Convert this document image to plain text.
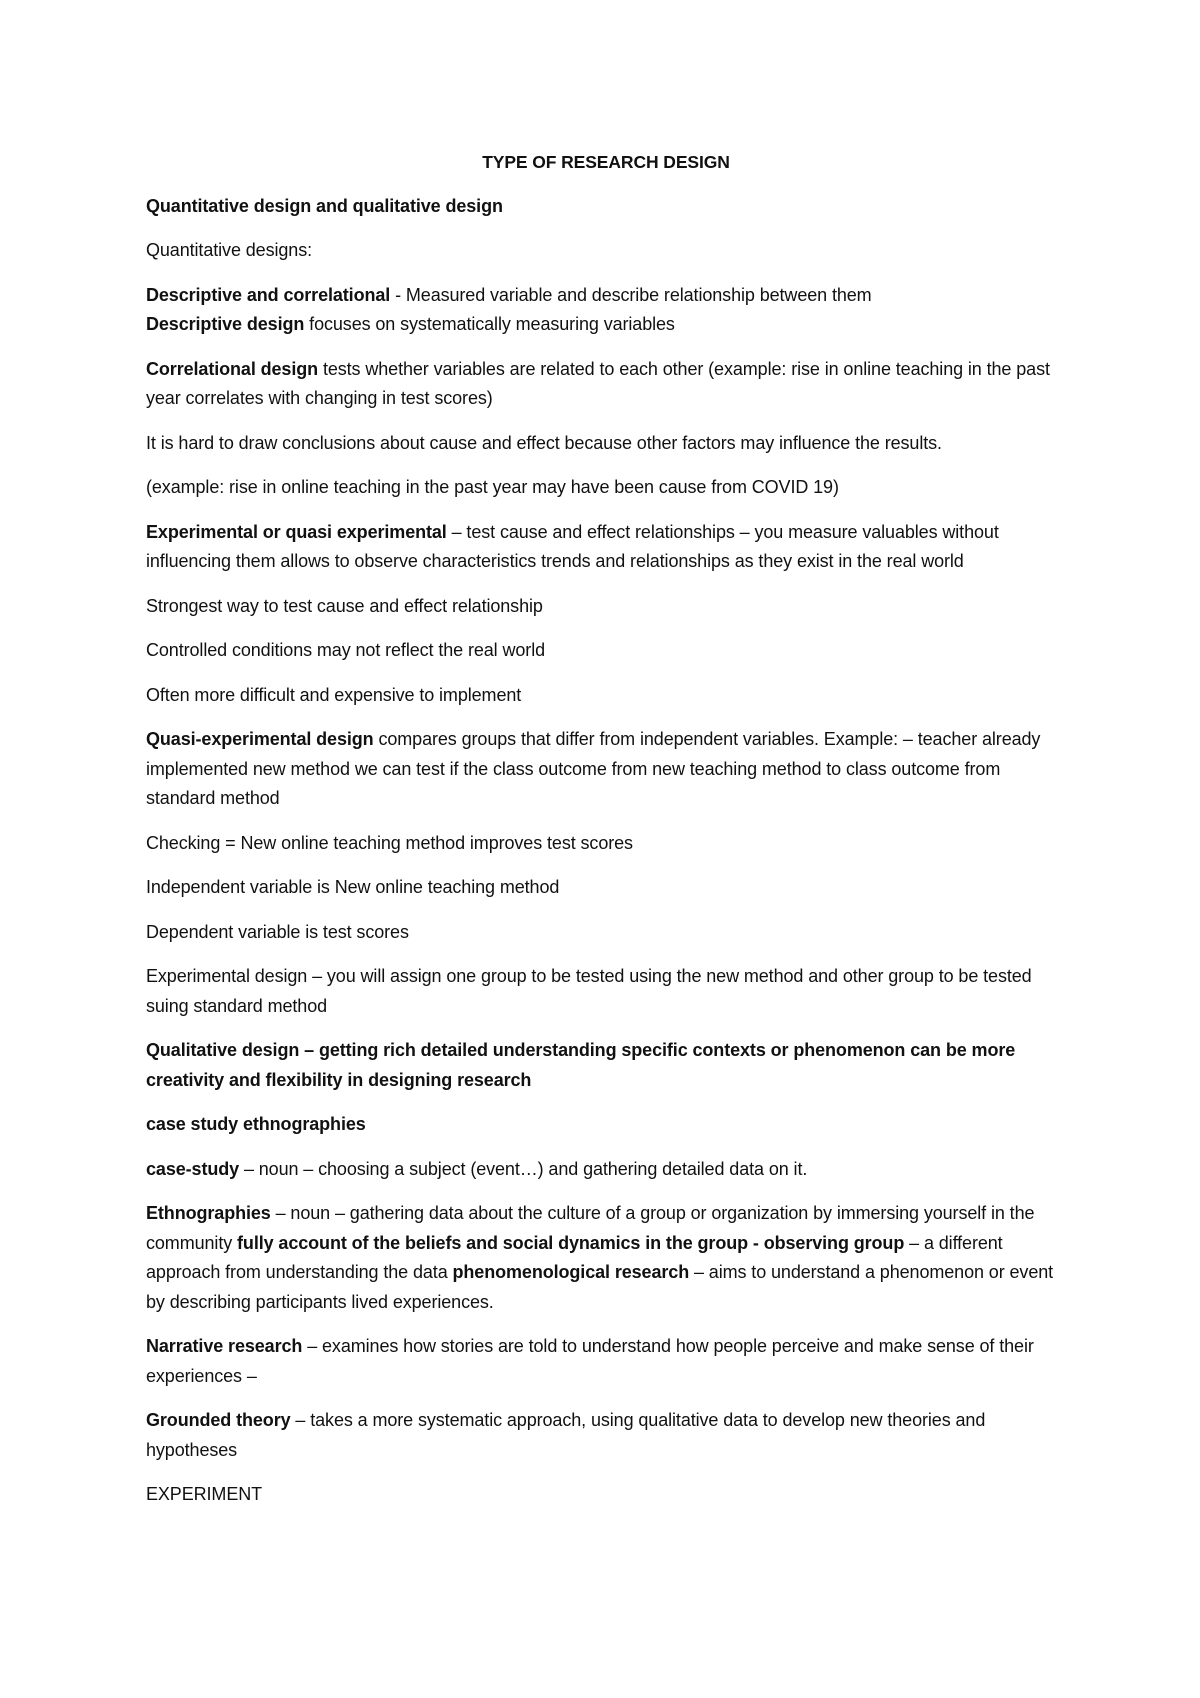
TYPE OF RESEARCH DESIGN

Quantitative design and qualitative design

Quantitative designs:

Descriptive and correlational - Measured variable and describe relationship between them

Descriptive design focuses on systematically measuring variables

Correlational design tests whether variables are related to each other (example: rise in online teaching in the past year correlates with changing in test scores)

It is hard to draw conclusions about cause and effect because other factors may influence the results.

(example: rise in online teaching in the past year may have been cause from COVID 19)

Experimental or quasi experimental – test cause and effect relationships – you measure valuables without influencing them allows to observe characteristics trends and relationships as they exist in the real world

Strongest way to test cause and effect relationship

Controlled conditions may not reflect the real world

Often more difficult and expensive to implement

Quasi-experimental design compares groups that differ from independent variables. Example: – teacher already implemented new method we can test if the class outcome from new teaching method to class outcome from standard method

Checking = New online teaching method improves test scores

Independent variable is New online teaching method

Dependent variable is test scores

Experimental design – you will assign one group to be tested using the new method and other group to be tested suing standard method

Qualitative design – getting rich detailed understanding specific contexts or phenomenon can be more creativity and flexibility in designing research

case study ethnographies

case-study – noun – choosing a subject (event…) and gathering detailed data on it.

Ethnographies – noun – gathering data about the culture of a group or organization by immersing yourself in the community fully account of the beliefs and social dynamics in the group - observing group – a different approach from understanding the data phenomenological research – aims to understand a phenomenon or event by describing participants lived experiences.

Narrative research – examines how stories are told to understand how people perceive and make sense of their experiences –

Grounded theory – takes a more systematic approach, using qualitative data to develop new theories and hypotheses

EXPERIMENT
